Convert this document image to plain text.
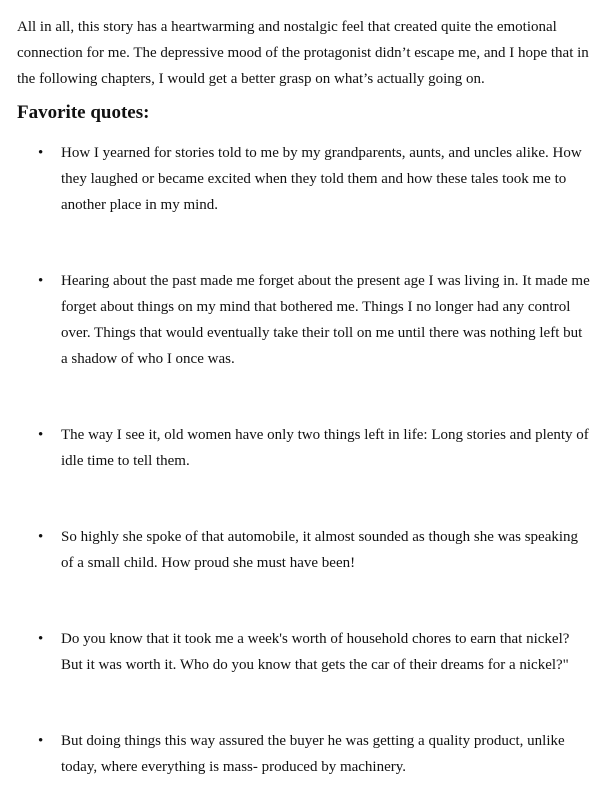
All in all, this story has a heartwarming and nostalgic feel that created quite the emotional connection for me. The depressive mood of the protagonist didn’t escape me, and I hope that in the following chapters, I would get a better grasp on what’s actually going on.

Favorite quotes:
• How I yearned for stories told to me by my grandparents, aunts, and uncles alike. How they laughed or became excited when they told them and how these tales took me to another place in my mind.
• Hearing about the past made me forget about the present age I was living in. It made me forget about things on my mind that bothered me. Things I no longer had any control over. Things that would eventually take their toll on me until there was nothing left but a shadow of who I once was.
• The way I see it, old women have only two things left in life: Long stories and plenty of idle time to tell them.
• So highly she spoke of that automobile, it almost sounded as though she was speaking of a small child. How proud she must have been!
• Do you know that it took me a week's worth of household chores to earn that nickel? But it was worth it. Who do you know that gets the car of their dreams for a nickel?"
• But doing things this way assured the buyer he was getting a quality product, unlike today, where everything is mass- produced by machinery.
